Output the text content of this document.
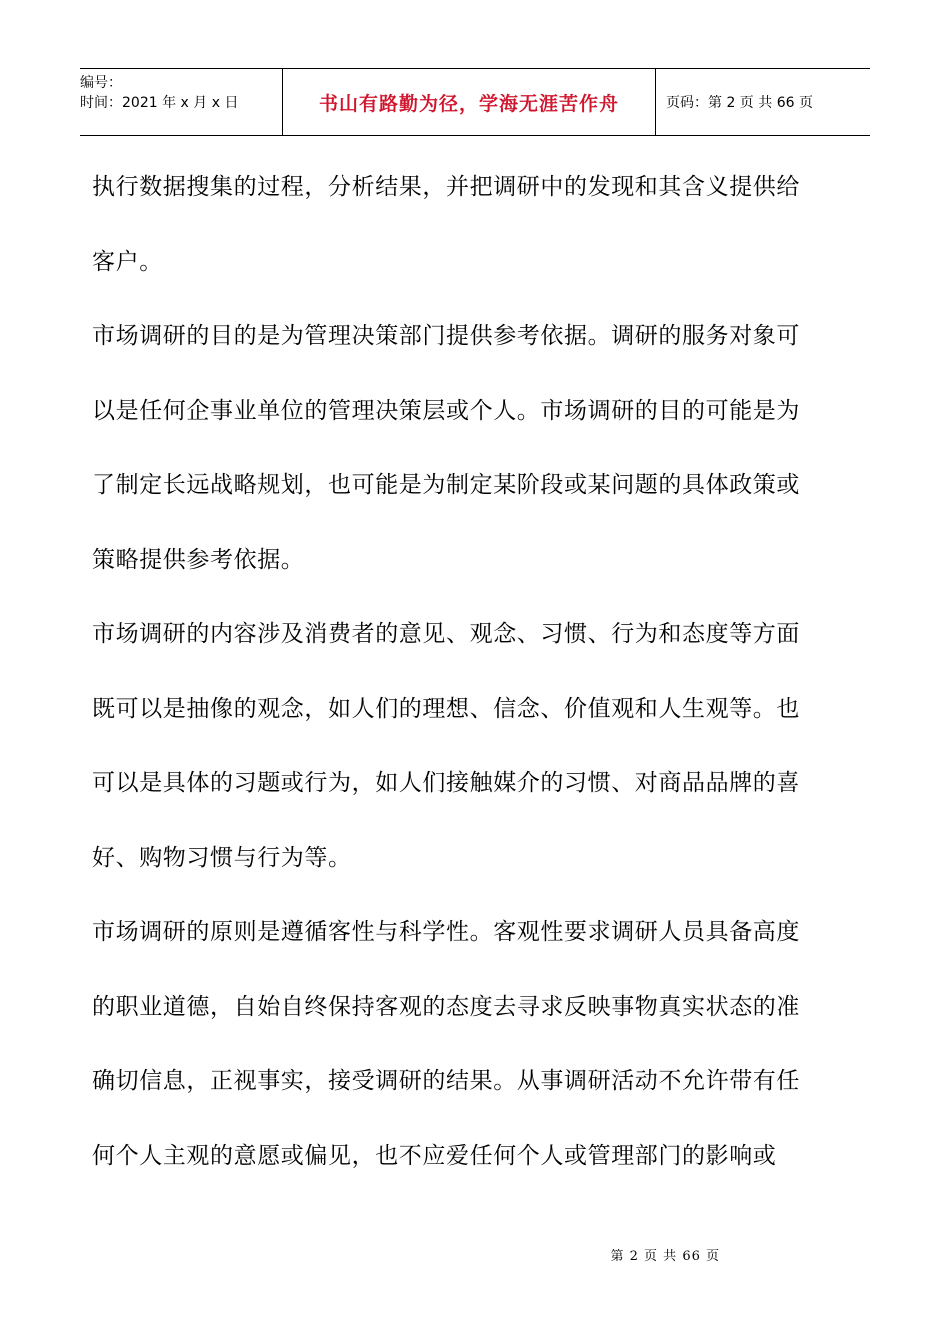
编号：
时间：2021 年 x 月 x 日	书山有路勤为径，学海无涯苦作舟	页码：第 2 页 共 66 页
执行数据搜集的过程，分析结果，并把调研中的发现和其含义提供给
客户。
市场调研的目的是为管理决策部门提供参考依据。调研的服务对象可
以是任何企事业单位的管理决策层或个人。市场调研的目的可能是为
了制定长远战略规划，也可能是为制定某阶段或某问题的具体政策或
策略提供参考依据。
市场调研的内容涉及消费者的意见、观念、习惯、行为和态度等方面
既可以是抽像的观念，如人们的理想、信念、价值观和人生观等。也
可以是具体的习题或行为，如人们接触媒介的习惯、对商品品牌的喜
好、购物习惯与行为等。
市场调研的原则是遵循客性与科学性。客观性要求调研人员具备高度
的职业道德，自始自终保持客观的态度去寻求反映事物真实状态的准
确切信息，正视事实，接受调研的结果。从事调研活动不允许带有任
何个人主观的意愿或偏见，也不应爱任何个人或管理部门的影响或
第 2 页 共 66 页
